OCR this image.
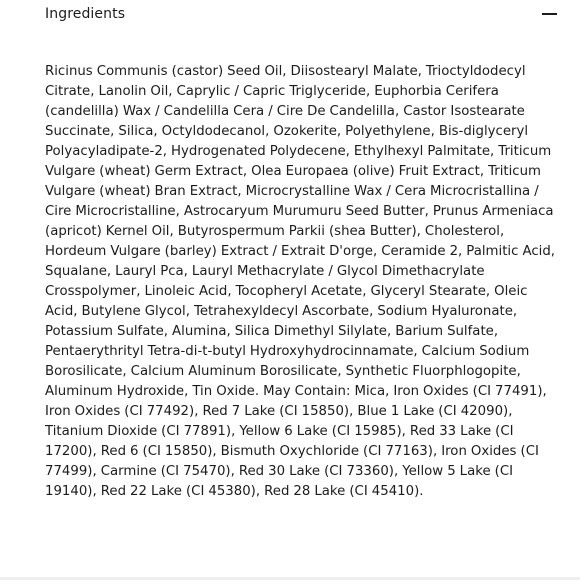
Ingredients
Ricinus Communis (castor) Seed Oil, Diisostearyl Malate, Trioctyldodecyl Citrate, Lanolin Oil, Caprylic / Capric Triglyceride, Euphorbia Cerifera (candelilla) Wax / Candelilla Cera / Cire De Candelilla, Castor Isostearate Succinate, Silica, Octyldodecanol, Ozokerite, Polyethylene, Bis-diglyceryl Polyacyladipate-2, Hydrogenated Polydecene, Ethylhexyl Palmitate, Triticum Vulgare (wheat) Germ Extract, Olea Europaea (olive) Fruit Extract, Triticum Vulgare (wheat) Bran Extract, Microcrystalline Wax / Cera Microcristallina / Cire Microcristalline, Astrocaryum Murumuru Seed Butter, Prunus Armeniaca (apricot) Kernel Oil, Butyrospermum Parkii (shea Butter), Cholesterol, Hordeum Vulgare (barley) Extract / Extrait D'orge, Ceramide 2, Palmitic Acid, Squalane, Lauryl Pca, Lauryl Methacrylate / Glycol Dimethacrylate Crosspolymer, Linoleic Acid, Tocopheryl Acetate, Glyceryl Stearate, Oleic Acid, Butylene Glycol, Tetrahexyldecyl Ascorbate, Sodium Hyaluronate, Potassium Sulfate, Alumina, Silica Dimethyl Silylate, Barium Sulfate, Pentaerythrityl Tetra-di-t-butyl Hydroxyhydrocinnamate, Calcium Sodium Borosilicate, Calcium Aluminum Borosilicate, Synthetic Fluorphlogopite, Aluminum Hydroxide, Tin Oxide. May Contain: Mica, Iron Oxides (CI 77491), Iron Oxides (CI 77492), Red 7 Lake (CI 15850), Blue 1 Lake (CI 42090), Titanium Dioxide (CI 77891), Yellow 6 Lake (CI 15985), Red 33 Lake (CI 17200), Red 6 (CI 15850), Bismuth Oxychloride (CI 77163), Iron Oxides (CI 77499), Carmine (CI 75470), Red 30 Lake (CI 73360), Yellow 5 Lake (CI 19140), Red 22 Lake (CI 45380), Red 28 Lake (CI 45410).
